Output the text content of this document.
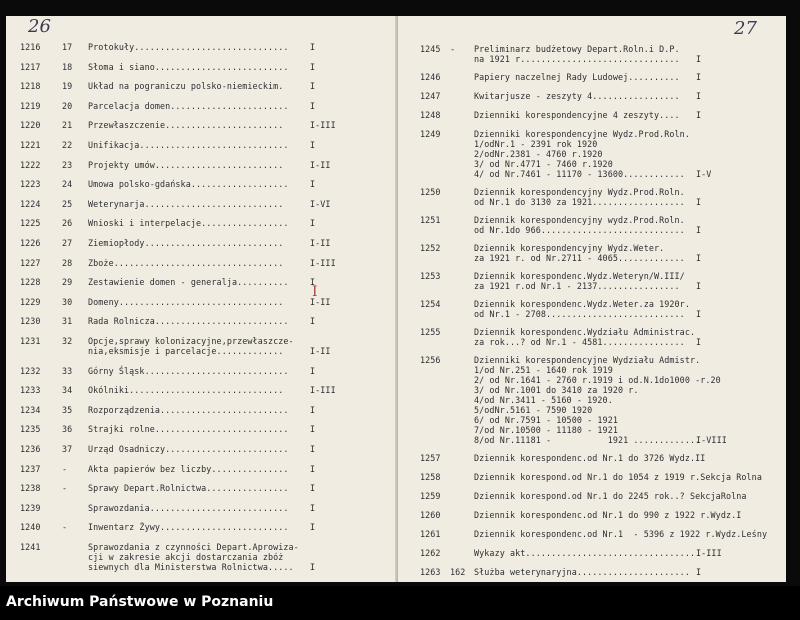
26
1216	17 Protokuły..............................	I
1217	18 Słoma i siano..........................	I
1218	19 Układ na pograniczu polsko-niemieckim.	I
1219	20 Parcelacja domen.......................	I
1220	21 Przewłaszczenie.......................	I-III
1221	22 Unifikacja.............................	I
1222	23 Projekty umów.........................	I-II
1223	24 Umowa polsko-gdańska...................	I
1224	25 Weterynarja...........................	I-VI
1225	26 Wnioski i interpelacje.................	I
1226	27 Ziemiopłody...........................	I-II
1227	28 Zboże.................................	I-III
1228	29 Zestawienie domen - generalja..........	I
1229	30 Domeny................................	I-II
1230	31 Rada Rolnicza..........................	I
1231	32 Opcje,sprawy kolonizacyjne,przewłaszcze-
nia,eksmisje i parcelacje.............	I-II
1232	33 Górny Śląsk............................	I
1233	34 Okólniki..............................	I-III
1234	35 Rozporządzenia.........................	I
1235	36 Strajki rolne..........................	I
1236	37 Urząd Osadniczy........................	I
1237	- Akta papierów bez liczby...............	I
1238	- Sprawy Depart.Rolnictwa................	I
1239	Sprawozdania...........................	I
1240	- Inwentarz Żywy.........................	I
1241	Sprawozdania z czynności Depart.Aprowiza-
cji w zakresie akcji dostarczania zbóż
siewnych dla Ministerstwa Rolnictwa.....	I
I
27
1245 - Preliminarz budżetowy Depart.Roln.i D.P.
na 1921 r............................... I
1246	Papiery naczelnej Rady Ludowej.......... I
1247	Kwitarjusze - zeszyty 4................. I
1248	Dzienniki korespondencyjne 4 zeszyty.... I
1249	Dzienniki korespondencyjne Wydz.Prod.Roln.
1/odNr.1 - 2391 rok 1920
2/odNr.2381 - 4760 r.1920
3/ od Nr.4771 - 7460 r.1920
4/ od Nr.7461 - 11170 - 13600............	I-V
1250	Dziennik korespondencyjny Wydz.Prod.Roln.
od Nr.1 do 3130 za 1921.................. I
1251	Dziennik korespondencyjny wydz.Prod.Roln.
od Nr.1do 966............................ I
1252	Dziennik korespondencyjny Wydz.Weter.
za 1921 r. od Nr.2711 - 4065............. I
1253	Dziennik korespondenc.Wydz.Weteryn/W.III/
za 1921 r.od Nr.1 - 2137................	I
1254	Dziennik korespondenc.Wydz.Weter.za 1920r.
od Nr.1 - 2708...........................	I
1255	Dziennik korespondenc.Wydziału Administrac.
za rok...? od Nr.1 - 4581................	I
1256	Dzienniki korespondencyjne Wydziału Admistr.
1/od Nr.251 - 1640 rok 1919
2/ od Nr.1641 - 2760 r.1919 i od.N.1do1000 -r.20
3/ od Nr.1001 do 3410 za 1920 r.
4/od Nr.3411 - 5160 - 1920.
5/odNr.5161 - 7590 1920
6/ od Nr.7591 - 10500 - 1921
7/od Nr.10500 - 11180 - 1921
8/od Nr.11181 -           1921 .............
I-VIII
1257	Dziennik korespondenc.od Nr.1 do 3726 Wydz.II
1258	Dziennik korespond.od Nr.1 do 1054 z 1919 r.Sekcja Rolna
1259	Dziennik korespond.od Nr.1 do 2245 rok..? SekcjaRolna
1260	Dziennik korespondenc.od Nr.1 do 990 z 1922 r.Wydz.I
1261	Dziennik korespondenc.od Nr.1  - 5396 z 1922 r.Wydz.Leśny
1262	Wykazy akt................................. I-III
1263 162 Służba weterynaryjna...................... I
Archiwum Państwowe w Poznaniu
